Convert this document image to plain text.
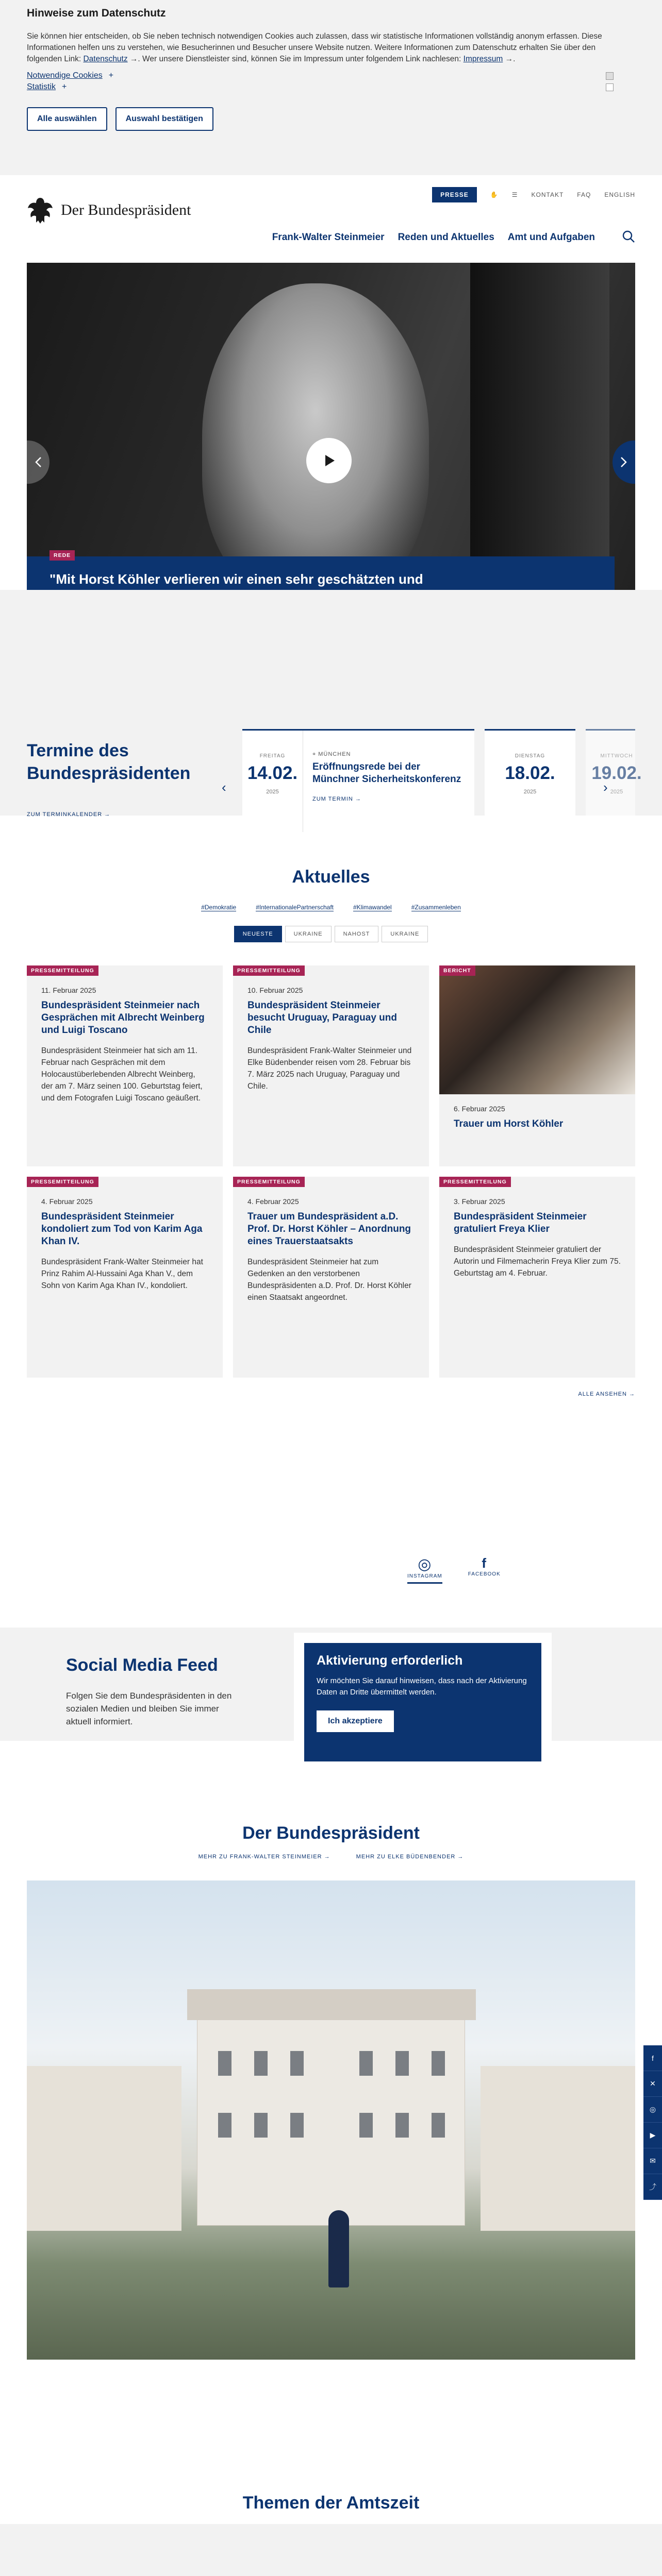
Hinweise zum Datenschutz

Sie können hier entscheiden, ob Sie neben technisch notwendigen Cookies auch zulassen, dass wir statistische Informationen vollständig anonym erfassen. Diese Informationen helfen uns zu verstehen, wie Besucherinnen und Besucher unsere Website nutzen. Weitere Informationen zum Datenschutz erhalten Sie über den folgenden Link: Datenschutz →. Wer unsere Dienstleister sind, können Sie im Impressum unter folgendem Link nachlesen: Impressum →.

Notwendige Cookies +
Statistik +
Alle auswählen	Auswahl bestätigen
PRESSE	✋ ☰ KONTAKT FAQ ENGLISH
Der Bundespräsident
Frank-Walter Steinmeier Reden und Aktuelles Amt und Aufgaben
REDE
"Mit Horst Köhler verlieren wir einen sehr geschätzten und

Termine des Bundespräsidenten
ZUM TERMINKALENDER →
‹
FREITAG
14.02.
2025
⌖ MÜNCHEN
Eröffnungsrede bei der Münchner Sicherheitskonferenz
ZUM TERMIN →
DIENSTAG
18.02.
2025
MITTWOCH
19.02.
2025
›
Aktuelles
#Demokratie	#InternationalePartnerschaft	#Klimawandel	#Zusammenleben
NEUESTE	UKRAINE	NAHOST	UKRAINE
PRESSEMITTEILUNG
11. Februar 2025
Bundespräsident Steinmeier nach Gesprächen mit Albrecht Weinberg und Luigi Toscano
Bundespräsident Steinmeier hat sich am 11. Februar nach Gesprächen mit dem Holocaustüberlebenden Albrecht Weinberg, der am 7. März seinen 100. Geburtstag feiert, und dem Fotografen Luigi Toscano geäußert.
PRESSEMITTEILUNG
10. Februar 2025
Bundespräsident Steinmeier besucht Uruguay, Paraguay und Chile
Bundespräsident Frank-Walter Steinmeier und Elke Büdenbender reisen vom 28. Februar bis 7. März 2025 nach Uruguay, Paraguay und Chile.
BERICHT
6. Februar 2025
Trauer um Horst Köhler
PRESSEMITTEILUNG
4. Februar 2025
Bundespräsident Steinmeier kondoliert zum Tod von Karim Aga Khan IV.
Bundespräsident Frank-Walter Steinmeier hat Prinz Rahim Al-Hussaini Aga Khan V., dem Sohn von Karim Aga Khan IV., kondoliert.
PRESSEMITTEILUNG
4. Februar 2025
Trauer um Bundespräsident a.D. Prof. Dr. Horst Köhler – Anordnung eines Trauerstaatsakts
Bundespräsident Steinmeier hat zum Gedenken an den verstorbenen Bundespräsidenten a.D. Prof. Dr. Horst Köhler einen Staatsakt angeordnet.
PRESSEMITTEILUNG
3. Februar 2025
Bundespräsident Steinmeier gratuliert Freya Klier
Bundespräsident Steinmeier gratuliert der Autorin und Filmemacherin Freya Klier zum 75. Geburtstag am 4. Februar.
ALLE ANSEHEN →
◎
INSTAGRAM
f
FACEBOOK
Social Media Feed

Folgen Sie dem Bundespräsidenten in den sozialen Medien und bleiben Sie immer aktuell informiert.

Aktivierung erforderlich

Wir möchten Sie darauf hinweisen, dass nach der Aktivierung Daten an Dritte übermittelt werden.

Ich akzeptiere
Der Bundespräsident
MEHR ZU FRANK-WALTER STEINMEIER →	MEHR ZU ELKE BÜDENBENDER →
Themen der Amtszeit

f
✕
◎
▶
✉
⤴
